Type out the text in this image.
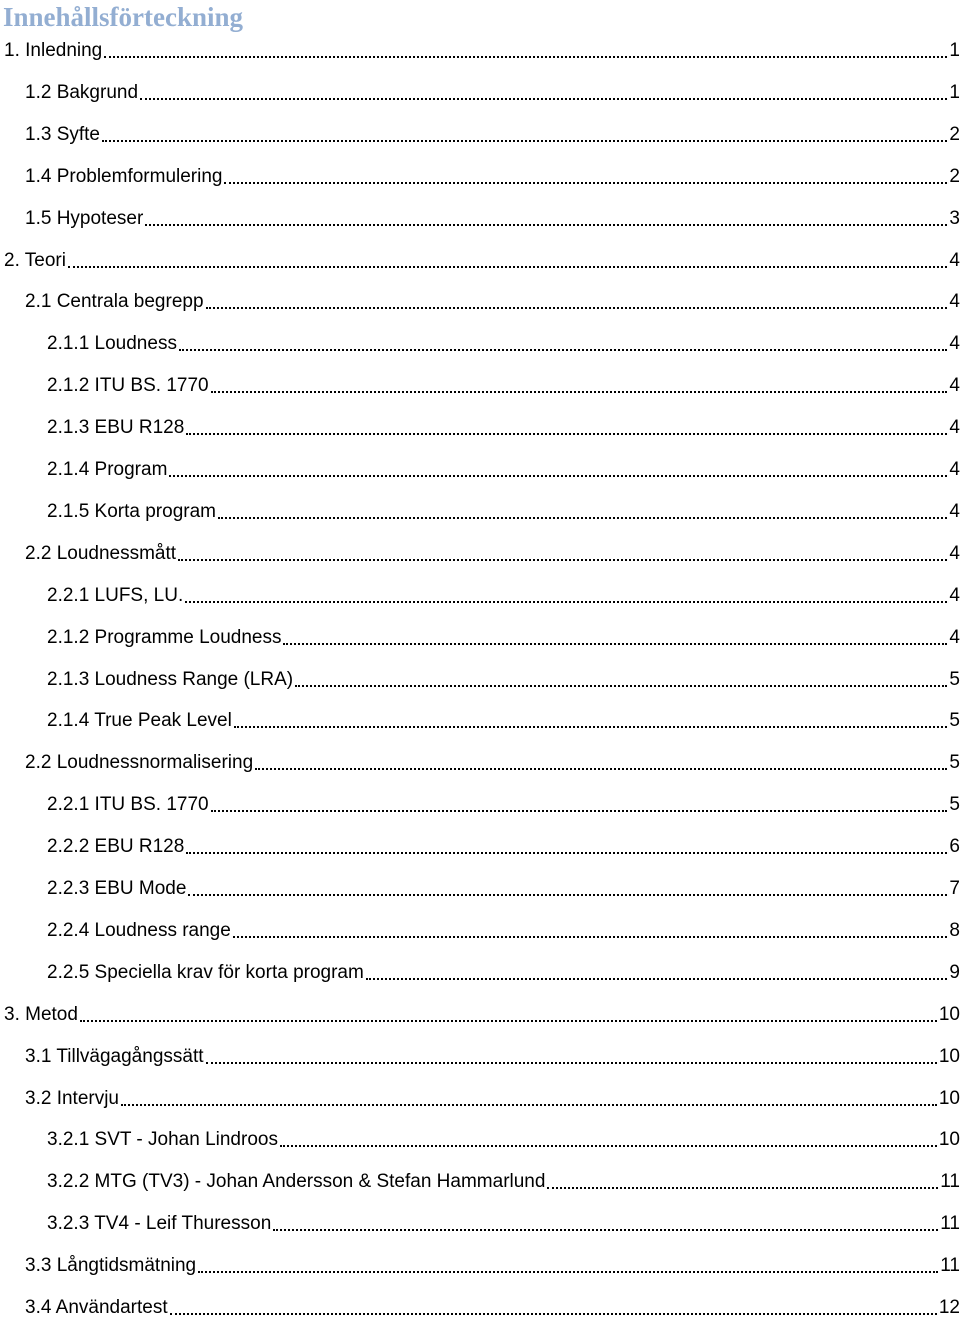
Innehållsförteckning
1. Inledning	1
1.2 Bakgrund	1
1.3 Syfte	2
1.4 Problemformulering	2
1.5 Hypoteser	3
2. Teori	4
2.1 Centrala begrepp	4
2.1.1 Loudness	4
2.1.2 ITU BS. 1770	4
2.1.3 EBU R128	4
2.1.4 Program	4
2.1.5 Korta program	4
2.2 Loudnessmått	4
2.2.1 LUFS, LU.	4
2.1.2 Programme Loudness	4
2.1.3 Loudness Range (LRA)	5
2.1.4 True Peak Level	5
2.2 Loudnessnormalisering	5
2.2.1 ITU BS. 1770	5
2.2.2 EBU R128	6
2.2.3 EBU Mode	7
2.2.4 Loudness range	8
2.2.5 Speciella krav för korta program	9
3. Metod	10
3.1 Tillvägagångssätt	10
3.2 Intervju	10
3.2.1 SVT - Johan Lindroos	10
3.2.2 MTG (TV3) - Johan Andersson & Stefan Hammarlund	11
3.2.3 TV4 - Leif Thuresson	11
3.3 Långtidsmätning	11
3.4 Användartest	12
